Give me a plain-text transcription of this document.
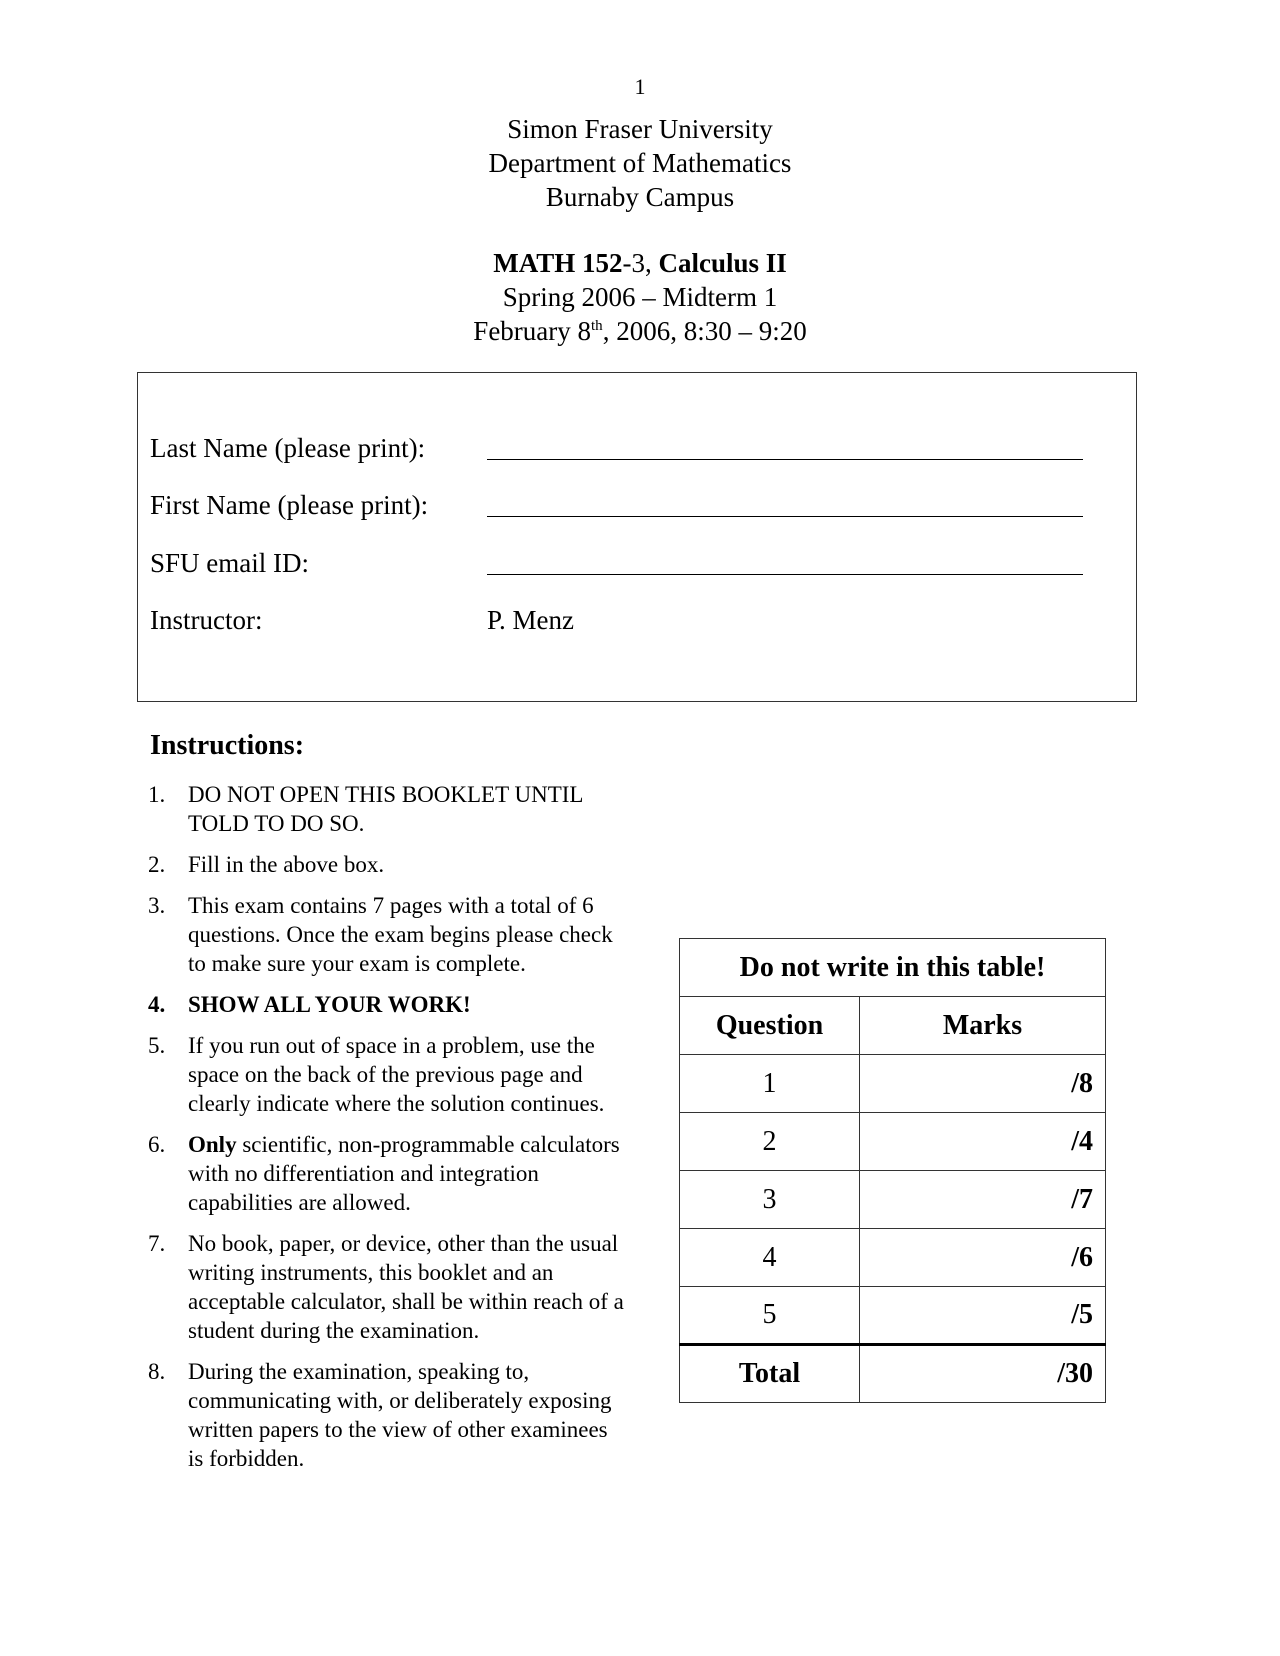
1
Simon Fraser University
Department of Mathematics
Burnaby Campus
MATH 152-3, Calculus II
Spring 2006 – Midterm 1
February 8th, 2006, 8:30 – 9:20
Last Name (please print):
First Name (please print):
SFU email ID:
Instructor:	P. Menz
Instructions:
1. DO NOT OPEN THIS BOOKLET UNTIL TOLD TO DO SO.
2. Fill in the above box.
3. This exam contains 7 pages with a total of 6 questions. Once the exam begins please check to make sure your exam is complete.
4. SHOW ALL YOUR WORK!
5. If you run out of space in a problem, use the space on the back of the previous page and clearly indicate where the solution continues.
6. Only scientific, non-programmable calculators with no differentiation and integration capabilities are allowed.
7. No book, paper, or device, other than the usual writing instruments, this booklet and an acceptable calculator, shall be within reach of a student during the examination.
8. During the examination, speaking to, communicating with, or deliberately exposing written papers to the view of other examinees is forbidden.
Do not write in this table!	
Question	Marks
1	/8
2	/4
3	/7
4	/6
5	/5
Total	/30
